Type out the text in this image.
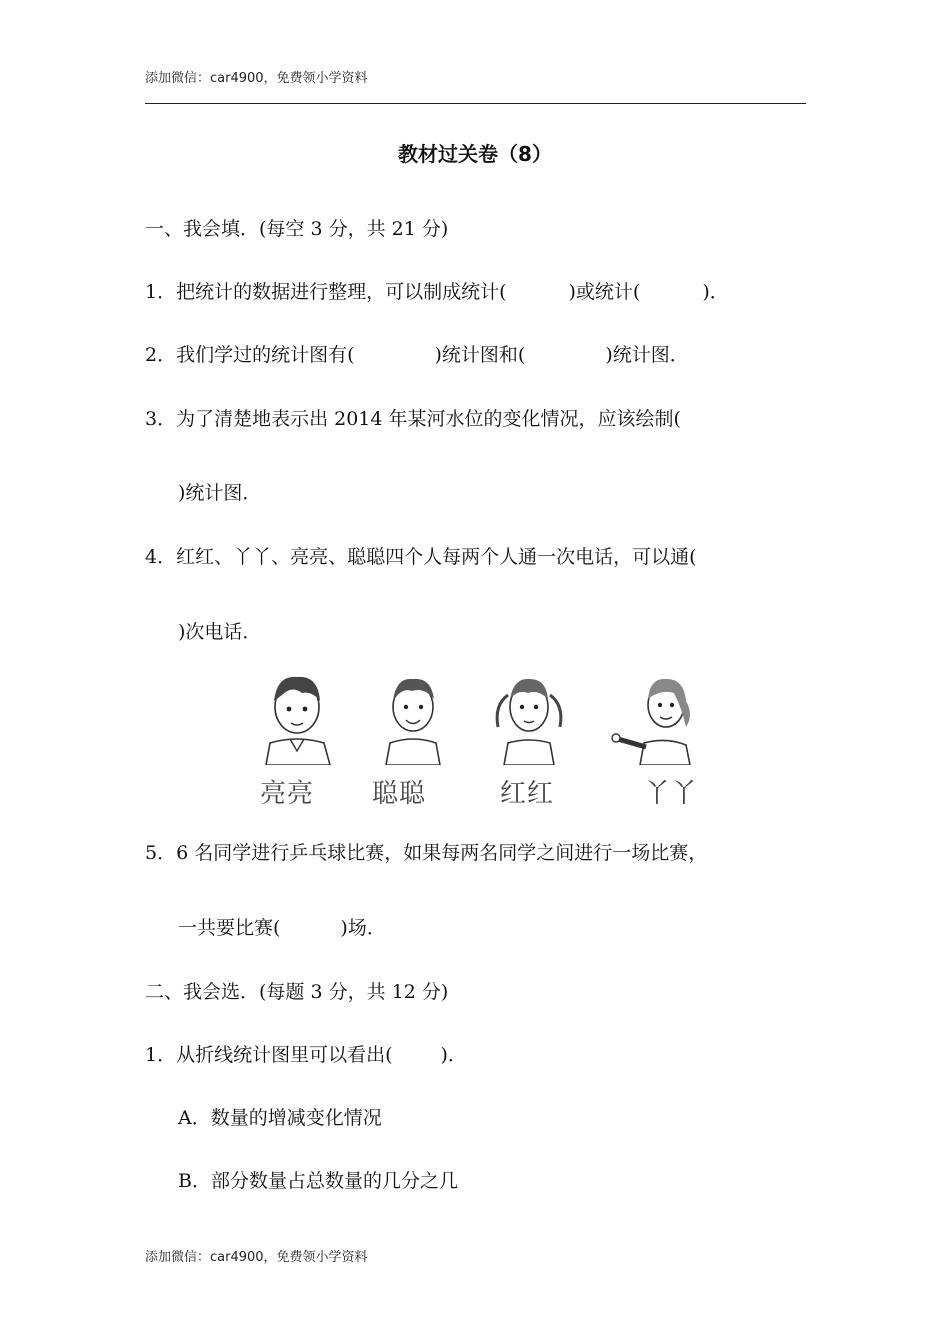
添加微信：car4900，免费领小学资料
教材过关卷（8）
一、我会填．(每空 3 分，共 21 分)
1．把统计的数据进行整理，可以制成统计(	)或统计(	)．
2．我们学过的统计图有(	)统计图和(	)统计图．
3．为了清楚地表示出 2014 年某河水位的变化情况，应该绘制(
)统计图．
4．红红、丫丫、亮亮、聪聪四个人每两个人通一次电话，可以通(
)次电话．
亮亮 聪聪	红红	丫丫
5．6 名同学进行乒乓球比赛，如果每两名同学之间进行一场比赛，
一共要比赛(	)场．
二、我会选．(每题 3 分，共 12 分)
1．从折线统计图里可以看出(	)．
A．数量的增减变化情况
B．部分数量占总数量的几分之几
添加微信：car4900，免费领小学资料
